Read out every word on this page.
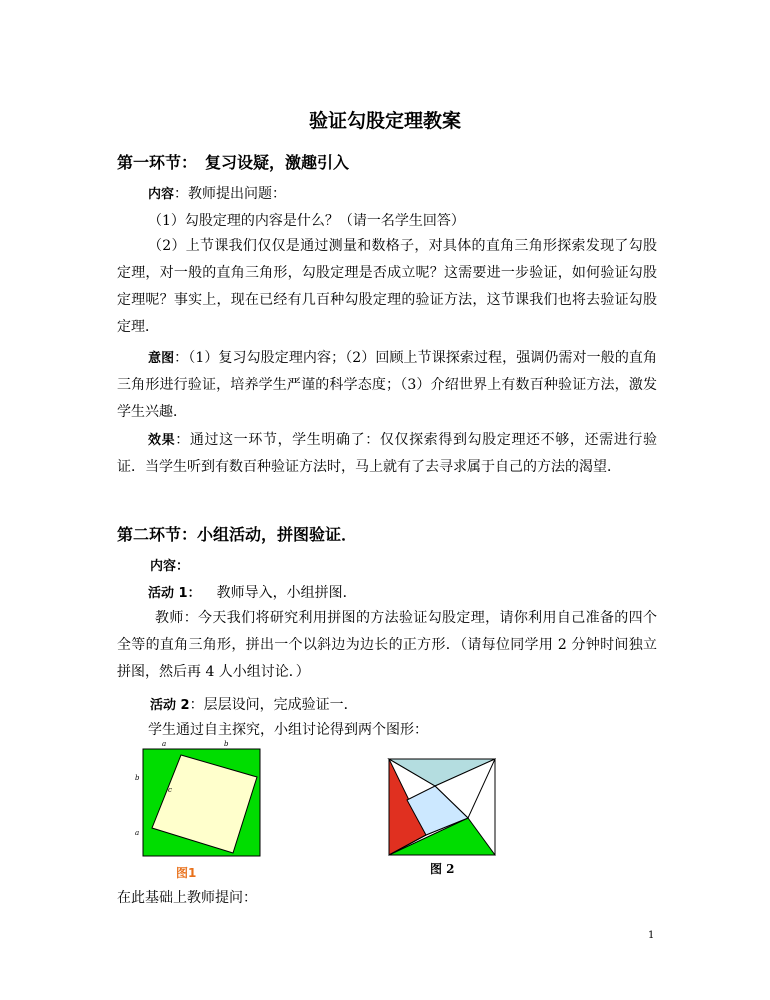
验证勾股定理教案
第一环节：　复习设疑，激趣引入
内容：教师提出问题：
（1）勾股定理的内容是什么？（请一名学生回答）
（2）上节课我们仅仅是通过测量和数格子，对具体的直角三角形探索发现了勾股定理，对一般的直角三角形，勾股定理是否成立呢？这需要进一步验证，如何验证勾股定理呢？事实上，现在已经有几百种勾股定理的验证方法，这节课我们也将去验证勾股定理．
意图：（1）复习勾股定理内容；（2）回顾上节课探索过程，强调仍需对一般的直角三角形进行验证，培养学生严谨的科学态度；（3）介绍世界上有数百种验证方法，激发学生兴趣．
效果：通过这一环节，学生明确了：仅仅探索得到勾股定理还不够，还需进行验证．当学生听到有数百种验证方法时，马上就有了去寻求属于自己的方法的渴望．
第二环节：小组活动，拼图验证．
内容：
活动 1： 教师导入，小组拼图．
教师：今天我们将研究利用拼图的方法验证勾股定理，请你利用自己准备的四个全等的直角三角形，拼出一个以斜边为边长的正方形．（请每位同学用 2 分钟时间独立拼图，然后再 4 人小组讨论．）
活动 2：层层设问，完成验证一．
学生通过自主探究，小组讨论得到两个图形：
a	b
b
a
c
图1	图 2
在此基础上教师提问：
1
